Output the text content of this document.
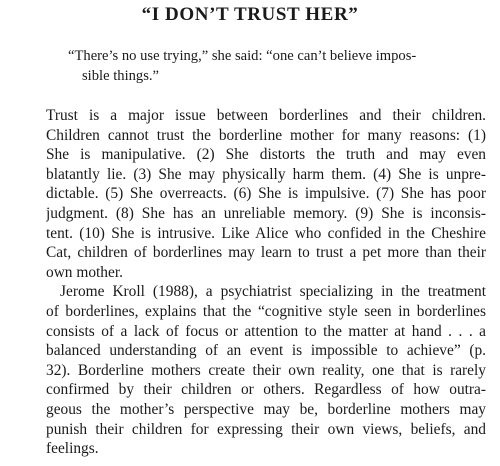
“I DON’T TRUST HER”
“There’s no use trying,” she said: “one can’t believe impos-
sible things.”
Trust is a major issue between borderlines and their children.
Children cannot trust the borderline mother for many reasons: (1)
She is manipulative. (2) She distorts the truth and may even
blatantly lie. (3) She may physically harm them. (4) She is unpre-
dictable. (5) She overreacts. (6) She is impulsive. (7) She has poor
judgment. (8) She has an unreliable memory. (9) She is inconsis-
tent. (10) She is intrusive. Like Alice who confided in the Cheshire
Cat, children of borderlines may learn to trust a pet more than their
own mother.
Jerome Kroll (1988), a psychiatrist specializing in the treatment
of borderlines, explains that the “cognitive style seen in borderlines
consists of a lack of focus or attention to the matter at hand . . . a
balanced understanding of an event is impossible to achieve” (p.
32). Borderline mothers create their own reality, one that is rarely
confirmed by their children or others. Regardless of how outra-
geous the mother’s perspective may be, borderline mothers may
punish their children for expressing their own views, beliefs, and
feelings.
